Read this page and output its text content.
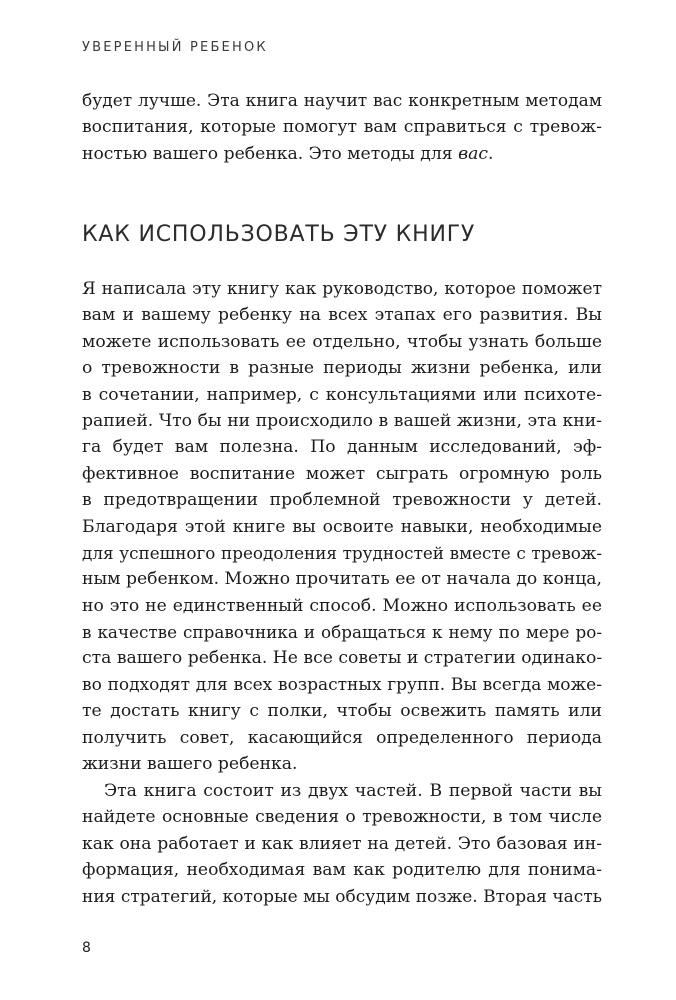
УВЕРЕННЫЙ РЕБЕНОК
будет лучше. Эта книга научит вас конкретным методам
воспитания, которые помогут вам справиться с тревож-
ностью вашего ребенка. Это методы для вас.
КАК ИСПОЛЬЗОВАТЬ ЭТУ КНИГУ
Я написала эту книгу как руководство, которое поможет
вам и вашему ребенку на всех этапах его развития. Вы
можете использовать ее отдельно, чтобы узнать больше
о тревожности в разные периоды жизни ребенка, или
в сочетании, например, с консультациями или психоте-
рапией. Что бы ни происходило в вашей жизни, эта кни-
га будет вам полезна. По данным исследований, эф-
фективное воспитание может сыграть огромную роль
в предотвращении проблемной тревожности у детей.
Благодаря этой книге вы освоите навыки, необходимые
для успешного преодоления трудностей вместе с тревож-
ным ребенком. Можно прочитать ее от начала до конца,
но это не единственный способ. Можно использовать ее
в качестве справочника и обращаться к нему по мере ро-
ста вашего ребенка. Не все советы и стратегии одинако-
во подходят для всех возрастных групп. Вы всегда може-
те достать книгу с полки, чтобы освежить память или
получить совет, касающийся определенного периода
жизни вашего ребенка.
Эта книга состоит из двух частей. В первой части вы
найдете основные сведения о тревожности, в том числе
как она работает и как влияет на детей. Это базовая ин-
формация, необходимая вам как родителю для понима-
ния стратегий, которые мы обсудим позже. Вторая часть
8
